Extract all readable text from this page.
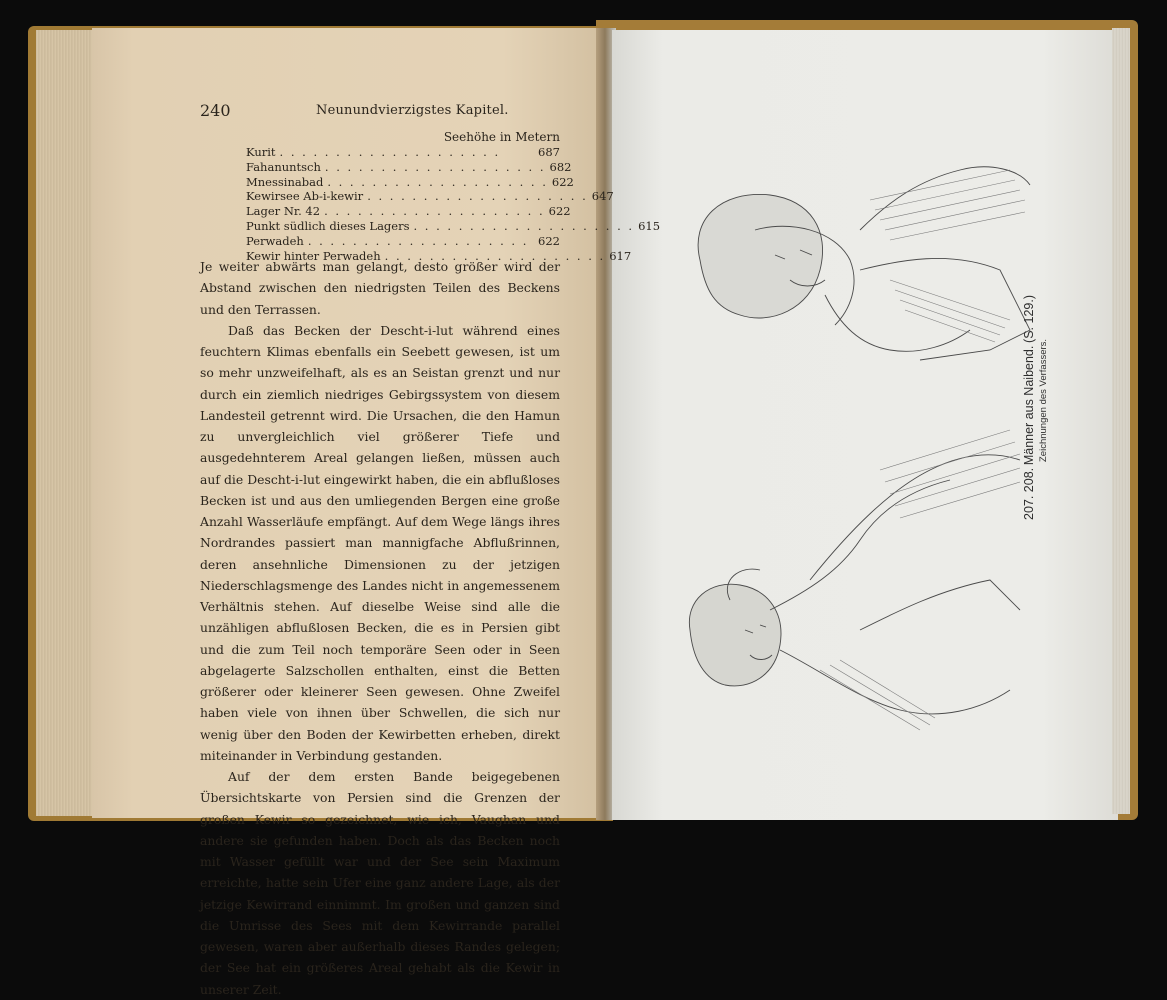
240	Neunundvierzigstes Kapitel.
Seehöhe in Metern
Kurit . . . . . . . . . . . . . . . . . . . .	687
Fahanuntsch . . . . . . . . . . . . . . . . . . . . 682
Mnessinabad . . . . . . . . . . . . . . . . . . . . 622
Kewirsee Ab-i-kewir . . . . . . . . . . . . . . . . . . . . 647
Lager Nr. 42 . . . . . . . . . . . . . . . . . . . . 622
Punkt südlich dieses Lagers . . . . . . . . . . . . . . . . . . . . 615
Perwadeh . . . . . . . . . . . . . . . . . . . . 622
Kewir hinter Perwadeh . . . . . . . . . . . . . . . . . . . . 617

Je weiter abwärts man gelangt, desto größer wird der Abstand zwischen den niedrigsten Teilen des Beckens und den Terrassen.

Daß das Becken der Descht-i-lut während eines feuchtern Klimas ebenfalls ein Seebett gewesen, ist um so mehr unzweifelhaft, als es an Seistan grenzt und nur durch ein ziemlich niedriges Gebirgssystem von diesem Landesteil getrennt wird. Die Ursachen, die den Hamun zu unvergleichlich viel größerer Tiefe und ausgedehnterem Areal gelangen ließen, müssen auch auf die Descht-i-lut eingewirkt haben, die ein abflußloses Becken ist und aus den umliegenden Bergen eine große Anzahl Wasserläufe empfängt. Auf dem Wege längs ihres Nordrandes passiert man mannigfache Abflußrinnen, deren ansehnliche Dimensionen zu der jetzigen Niederschlagsmenge des Landes nicht in angemessenem Verhältnis stehen. Auf dieselbe Weise sind alle die unzähligen abflußlosen Becken, die es in Persien gibt und die zum Teil noch temporäre Seen oder in Seen abgelagerte Salzschollen enthalten, einst die Betten größerer oder kleinerer Seen gewesen. Ohne Zweifel haben viele von ihnen über Schwellen, die sich nur wenig über den Boden der Kewirbetten erheben, direkt miteinander in Verbindung gestanden.

Auf der dem ersten Bande beigegebenen Übersichtskarte von Persien sind die Grenzen der großen Kewir so gezeichnet, wie ich, Vaughan und andere sie gefunden haben. Doch als das Becken noch mit Wasser gefüllt war und der See sein Maximum erreichte, hatte sein Ufer eine ganz andere Lage, als der jetzige Kewirrand einnimmt. Im großen und ganzen sind die Umrisse des Sees mit dem Kewirrande parallel gewesen, waren aber außerhalb dieses Randes gelegen; der See hat ein größeres Areal gehabt als die Kewir in unserer Zeit.

207. 208.
Männer aus Naibend.
(S. 129.)
Zeichnungen des Verfassers.
